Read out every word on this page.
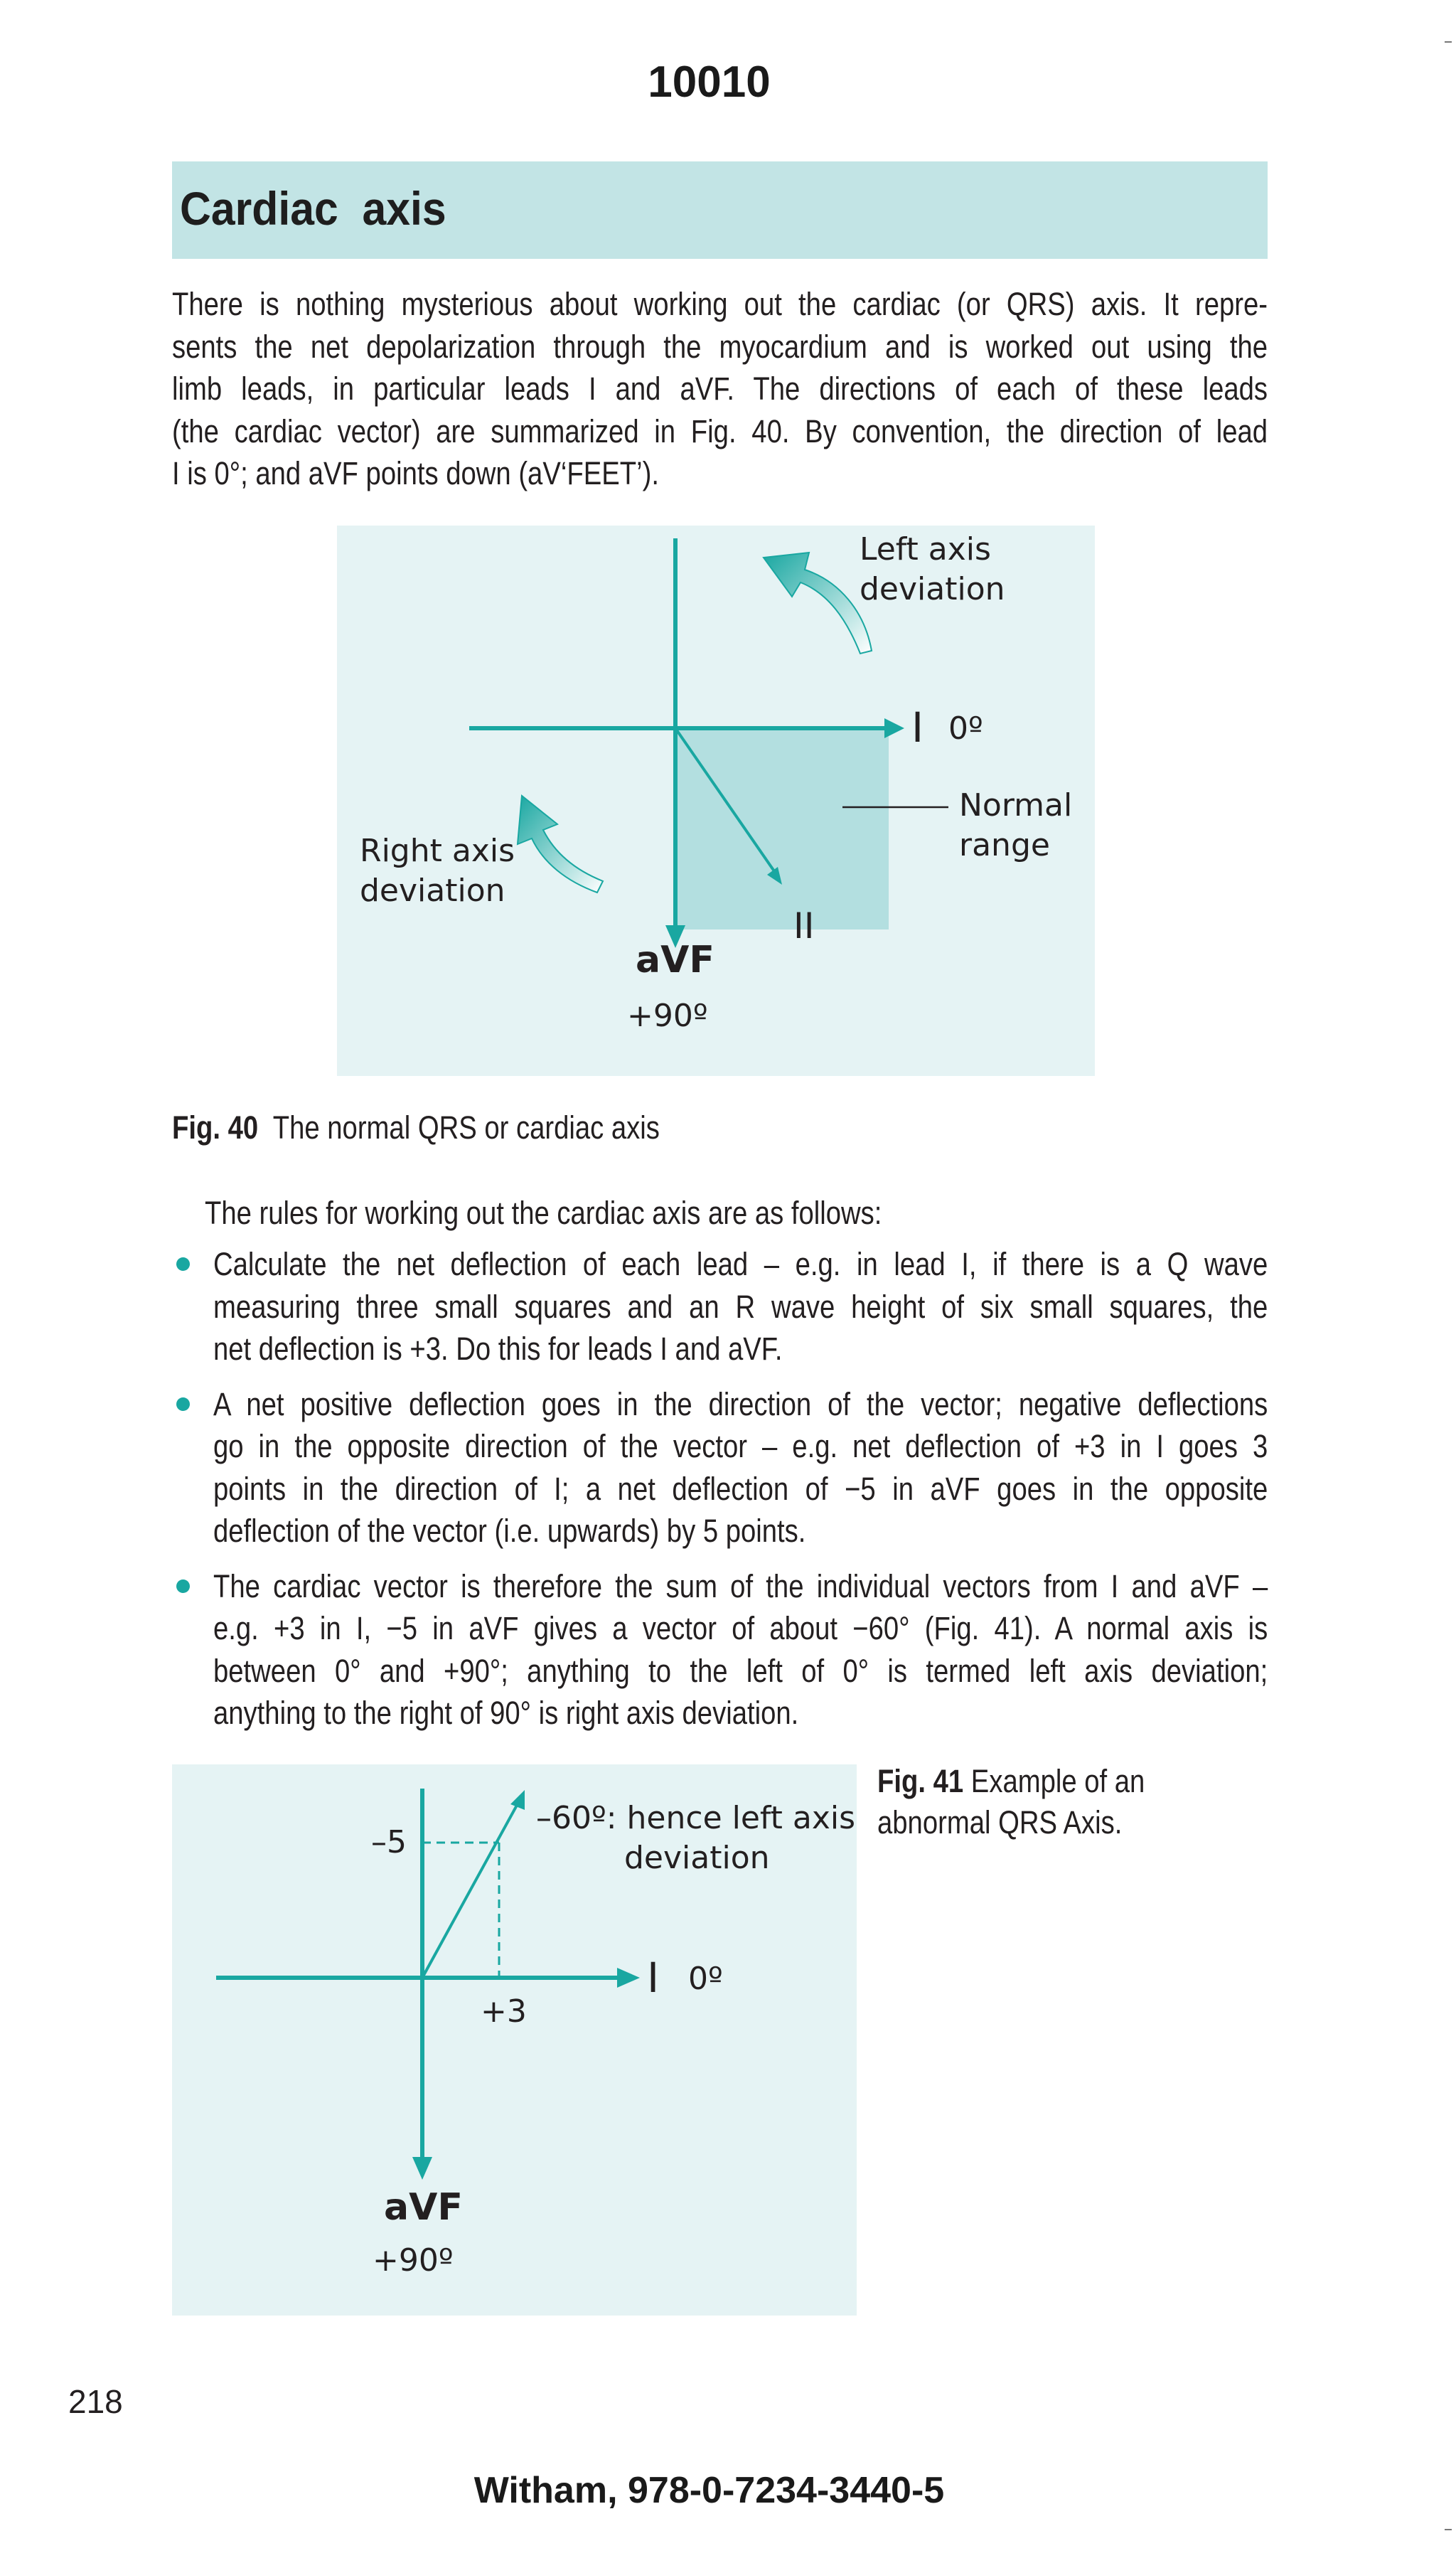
10010
Cardiac  axis
There is nothing mysterious about working out the cardiac (or QRS) axis. It repre-
sents the net depolarization through the myocardium and is worked out using the
limb leads, in particular leads I and aVF. The directions of each of these leads
(the cardiac vector) are summarized in Fig. 40. By convention, the direction of lead
I is 0°; and aVF points down (aV‘FEET’).
Left axis
deviation
I 0º
Normal
range
Right axis
deviation
II
aVF
+90º
Fig. 40 The normal QRS or cardiac axis
The rules for working out the cardiac axis are as follows:
Calculate the net deflection of each lead – e.g. in lead I, if there is a Q wave
measuring three small squares and an R wave height of six small squares, the
net deflection is +3. Do this for leads I and aVF.
A net positive deflection goes in the direction of the vector; negative deflections
go in the opposite direction of the vector – e.g. net deflection of +3 in I goes 3
points in the direction of I; a net deflection of −5 in aVF goes in the opposite
deflection of the vector (i.e. upwards) by 5 points.
The cardiac vector is therefore the sum of the individual vectors from I and aVF –
e.g. +3 in I, −5 in aVF gives a vector of about −60° (Fig. 41). A normal axis is
between 0° and +90°; anything to the left of 0° is termed left axis deviation;
anything to the right of 90° is right axis deviation.
–5
–60º: hence left axis
deviation
+3
I 0º
aVF
+90º
Fig. 41 Example of an
abnormal QRS Axis.
218
Witham, 978-0-7234-3440-5
